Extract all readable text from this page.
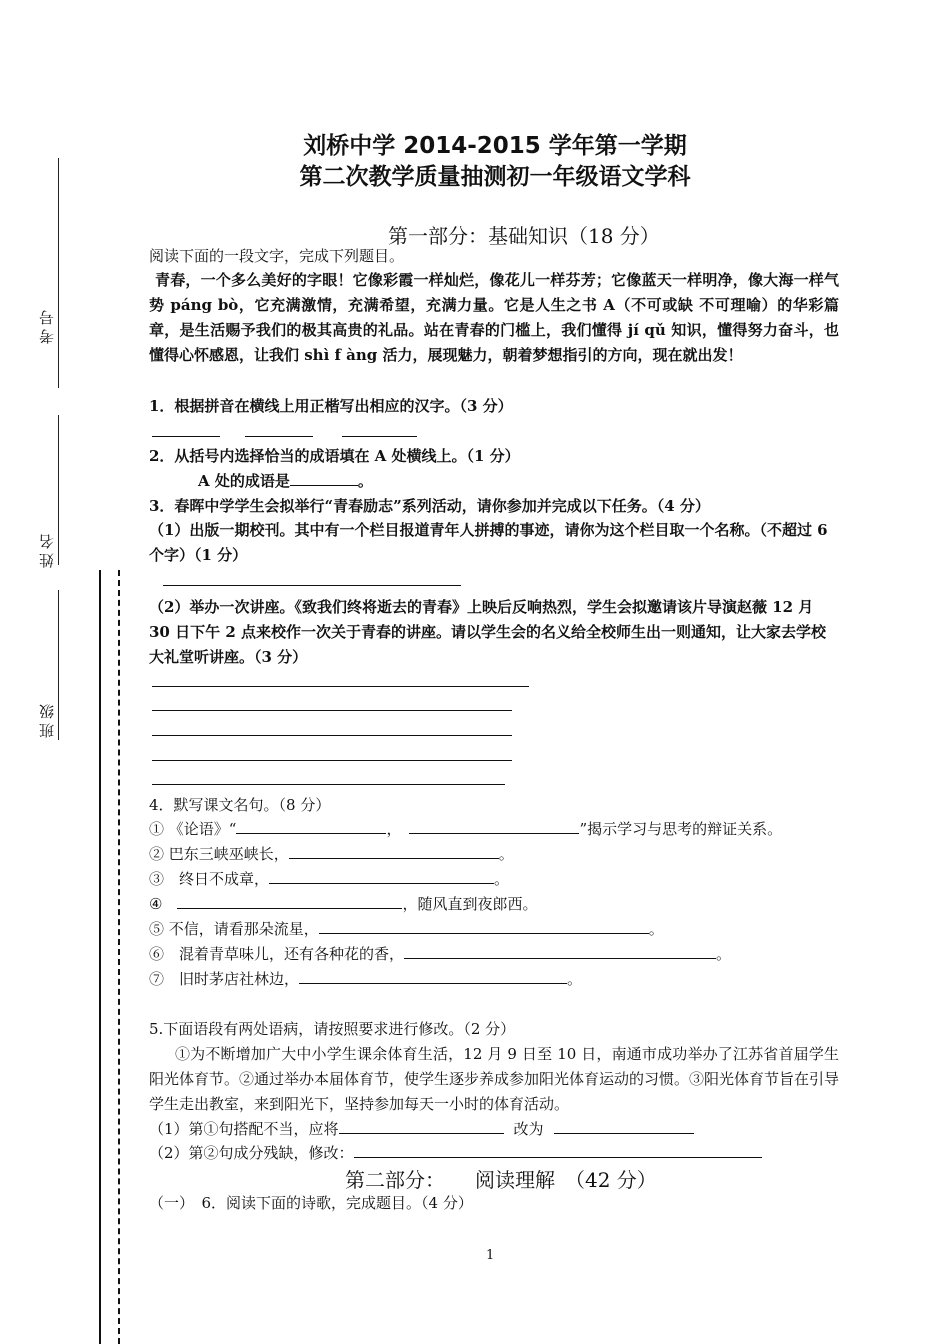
考号
姓名
班级
刘桥中学 2014-2015 学年第一学期
第二次教学质量抽测初一年级语文学科
第一部分：基础知识（18 分）
阅读下面的一段文字，完成下列题目。
青春，一个多么美好的字眼！它像彩霞一样灿烂，像花儿一样芬芳；它像蓝天一样明净，像大海一样气势 páng bò，它充满激情，充满希望，充满力量。它是人生之书 A（不可或缺 不可理喻）的华彩篇章，是生活赐予我们的极其高贵的礼品。站在青春的门槛上，我们懂得 jí qǔ 知识，懂得努力奋斗，也懂得心怀感恩，让我们 shì f àng 活力，展现魅力，朝着梦想指引的方向，现在就出发！
1．根据拼音在横线上用正楷写出相应的汉字。（3 分）
2．从括号内选择恰当的成语填在 A 处横线上。（1 分）
A 处的成语是	。
3．春晖中学学生会拟举行“青春励志”系列活动，请你参加并完成以下任务。（4 分）
（1）出版一期校刊。其中有一个栏目报道青年人拼搏的事迹，请你为这个栏目取一个名称。（不超过 6 个字）（1 分）
（2）举办一次讲座。《致我们终将逝去的青春》上映后反响热烈，学生会拟邀请该片导演赵薇 12 月 30 日下午 2 点来校作一次关于青春的讲座。请以学生会的名义给全校师生出一则通知，让大家去学校大礼堂听讲座。（3 分）
4．默写课文名句。（8 分）
① 《论语》“	，	”揭示学习与思考的辩证关系。
② 巴东三峡巫峡长，	。
③　终日不成章，	。
④　	，随风直到夜郎西。
⑤ 不信，请看那朵流星，	。
⑥　混着青草味儿，还有各种花的香，	。
⑦　旧时茅店社林边，	。
5.下面语段有两处语病，请按照要求进行修改。（2 分）
①为不断增加广大中小学生课余体育生活，12 月 9 日至 10 日，南通市成功举办了江苏省首届学生阳光体育节。②通过举办本届体育节，使学生逐步养成参加阳光体育运动的习惯。③阳光体育节旨在引导学生走出教室，来到阳光下，坚持参加每天一小时的体育活动。
（1）第①句搭配不当，应将	改为
（2）第②句成分残缺，修改：
第二部分：　　阅读理解　（42 分）
（一）　6．阅读下面的诗歌，完成题目。（4 分）
1
